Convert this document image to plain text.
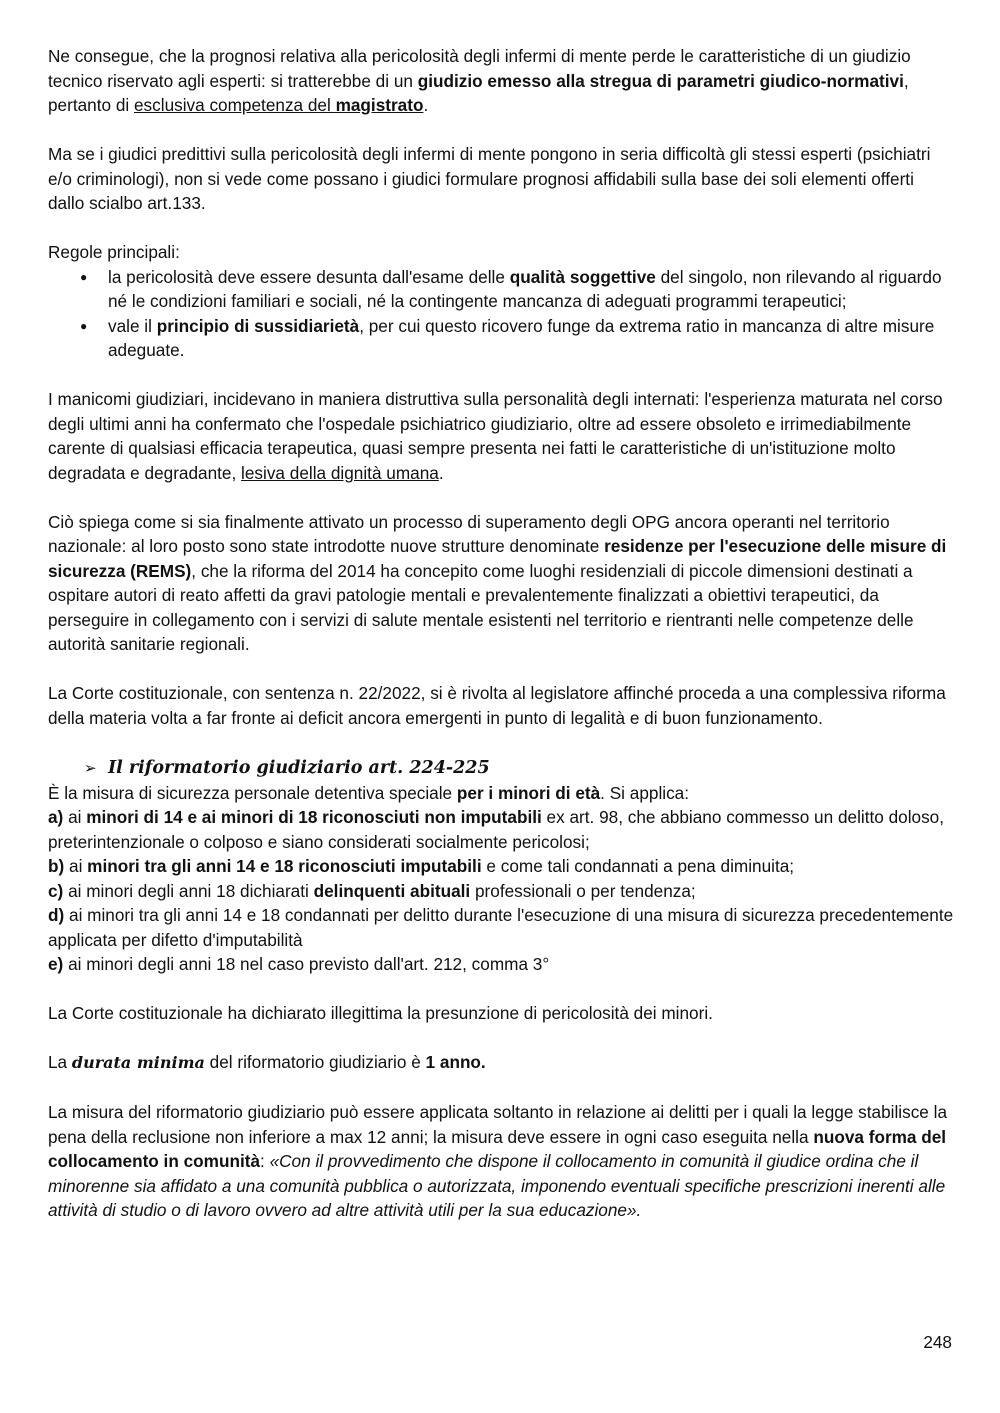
Ne consegue, che la prognosi relativa alla pericolosità degli infermi di mente perde le caratteristiche di un giudizio tecnico riservato agli esperti: si tratterebbe di un giudizio emesso alla stregua di parametri giudico-normativi, pertanto di esclusiva competenza del magistrato.

Ma se i giudici predittivi sulla pericolosità degli infermi di mente pongono in seria difficoltà gli stessi esperti (psichiatri e/o criminologi), non si vede come possano i giudici formulare prognosi affidabili sulla base dei soli elementi offerti dallo scialbo art.133.

Regole principali:

● la pericolosità deve essere desunta dall'esame delle qualità soggettive del singolo, non rilevando al riguardo né le condizioni familiari e sociali, né la contingente mancanza di adeguati programmi terapeutici;
● vale il principio di sussidiarietà, per cui questo ricovero funge da extrema ratio in mancanza di altre misure adeguate.

I manicomi giudiziari, incidevano in maniera distruttiva sulla personalità degli internati: l'esperienza maturata nel corso degli ultimi anni ha confermato che l'ospedale psichiatrico giudiziario, oltre ad essere obsoleto e irrimediabilmente carente di qualsiasi efficacia terapeutica, quasi sempre presenta nei fatti le caratteristiche di un'istituzione molto degradata e degradante, lesiva della dignità umana.

Ciò spiega come si sia finalmente attivato un processo di superamento degli OPG ancora operanti nel territorio nazionale: al loro posto sono state introdotte nuove strutture denominate residenze per l'esecuzione delle misure di sicurezza (REMS), che la riforma del 2014 ha concepito come luoghi residenziali di piccole dimensioni destinati a ospitare autori di reato affetti da gravi patologie mentali e prevalentemente finalizzati a obiettivi terapeutici, da perseguire in collegamento con i servizi di salute mentale esistenti nel territorio e rientranti nelle competenze delle autorità sanitarie regionali.

La Corte costituzionale, con sentenza n. 22/2022, si è rivolta al legislatore affinché proceda a una complessiva riforma della materia volta a far fronte ai deficit ancora emergenti in punto di legalità e di buon funzionamento.

➢ Il riformatorio giudiziario art. 224-225

È la misura di sicurezza personale detentiva speciale per i minori di età. Si applica:

a) ai minori di 14 e ai minori di 18 riconosciuti non imputabili ex art. 98, che abbiano commesso un delitto doloso, preterintenzionale o colposo e siano considerati socialmente pericolosi;

b) ai minori tra gli anni 14 e 18 riconosciuti imputabili e come tali condannati a pena diminuita;

c) ai minori degli anni 18 dichiarati delinquenti abituali professionali o per tendenza;

d) ai minori tra gli anni 14 e 18 condannati per delitto durante l'esecuzione di una misura di sicurezza precedentemente applicata per difetto d'imputabilità

e) ai minori degli anni 18 nel caso previsto dall'art. 212, comma 3°

La Corte costituzionale ha dichiarato illegittima la presunzione di pericolosità dei minori.

La durata minima del riformatorio giudiziario è 1 anno.

La misura del riformatorio giudiziario può essere applicata soltanto in relazione ai delitti per i quali la legge stabilisce la pena della reclusione non inferiore a max 12 anni; la misura deve essere in ogni caso eseguita nella nuova forma del collocamento in comunità: «Con il provvedimento che dispone il collocamento in comunità il giudice ordina che il minorenne sia affidato a una comunità pubblica o autorizzata, imponendo eventuali specifiche prescrizioni inerenti alle attività di studio o di lavoro ovvero ad altre attività utili per la sua educazione».

248
